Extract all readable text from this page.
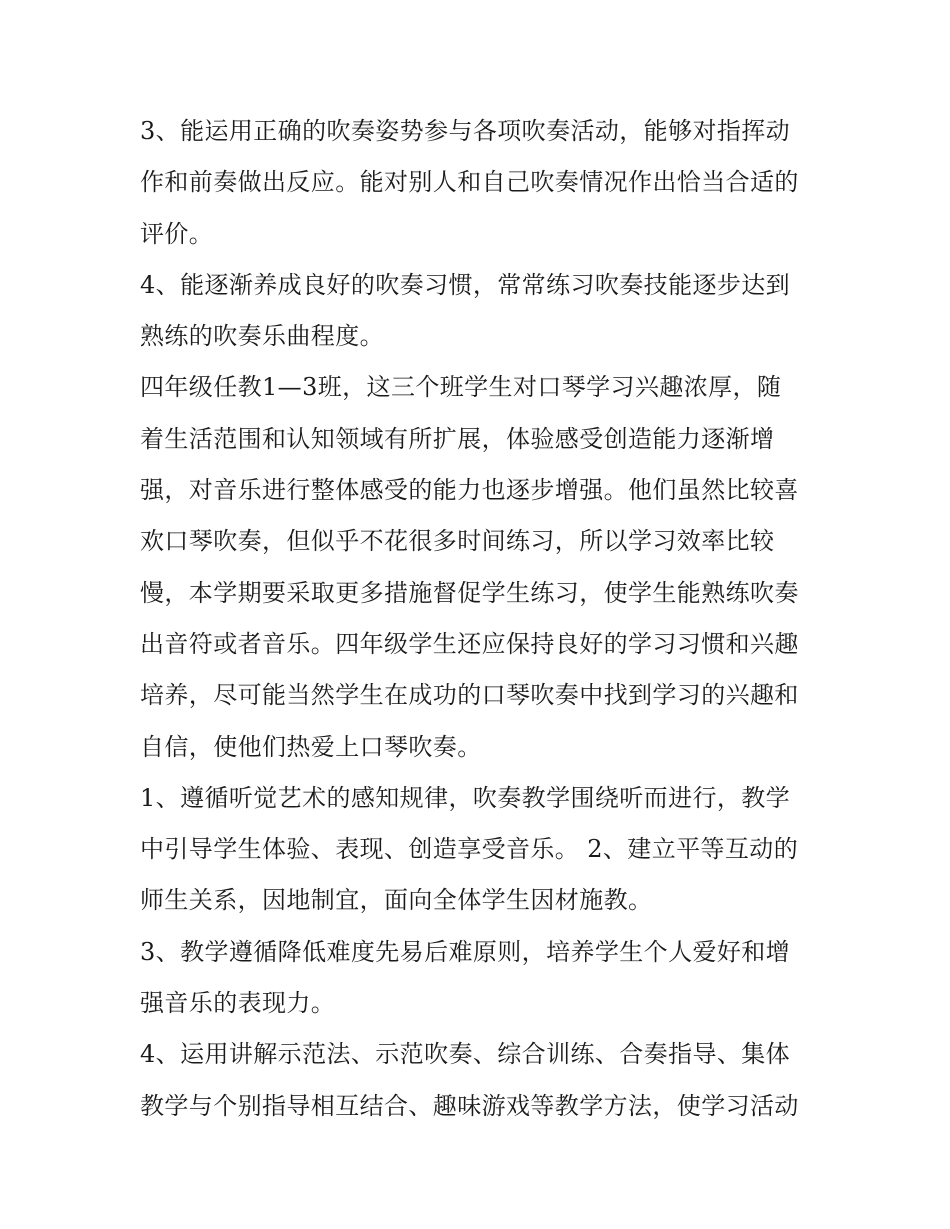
3、能运用正确的吹奏姿势参与各项吹奏活动，能够对指挥动
作和前奏做出反应。能对别人和自己吹奏情况作出恰当合适的
评价。
4、能逐渐养成良好的吹奏习惯，常常练习吹奏技能逐步达到
熟练的吹奏乐曲程度。
四年级任教1—3班，这三个班学生对口琴学习兴趣浓厚，随
着生活范围和认知领域有所扩展，体验感受创造能力逐渐增
强，对音乐进行整体感受的能力也逐步增强。他们虽然比较喜
欢口琴吹奏，但似乎不花很多时间练习，所以学习效率比较
慢，本学期要采取更多措施督促学生练习，使学生能熟练吹奏
出音符或者音乐。四年级学生还应保持良好的学习习惯和兴趣
培养，尽可能当然学生在成功的口琴吹奏中找到学习的兴趣和
自信，使他们热爱上口琴吹奏。
1、遵循听觉艺术的感知规律，吹奏教学围绕听而进行，教学
中引导学生体验、表现、创造享受音乐。 2、建立平等互动的
师生关系，因地制宜，面向全体学生因材施教。
3、教学遵循降低难度先易后难原则，培养学生个人爱好和增
强音乐的表现力。
4、运用讲解示范法、示范吹奏、综合训练、合奏指导、集体
教学与个别指导相互结合、趣味游戏等教学方法，使学习活动
